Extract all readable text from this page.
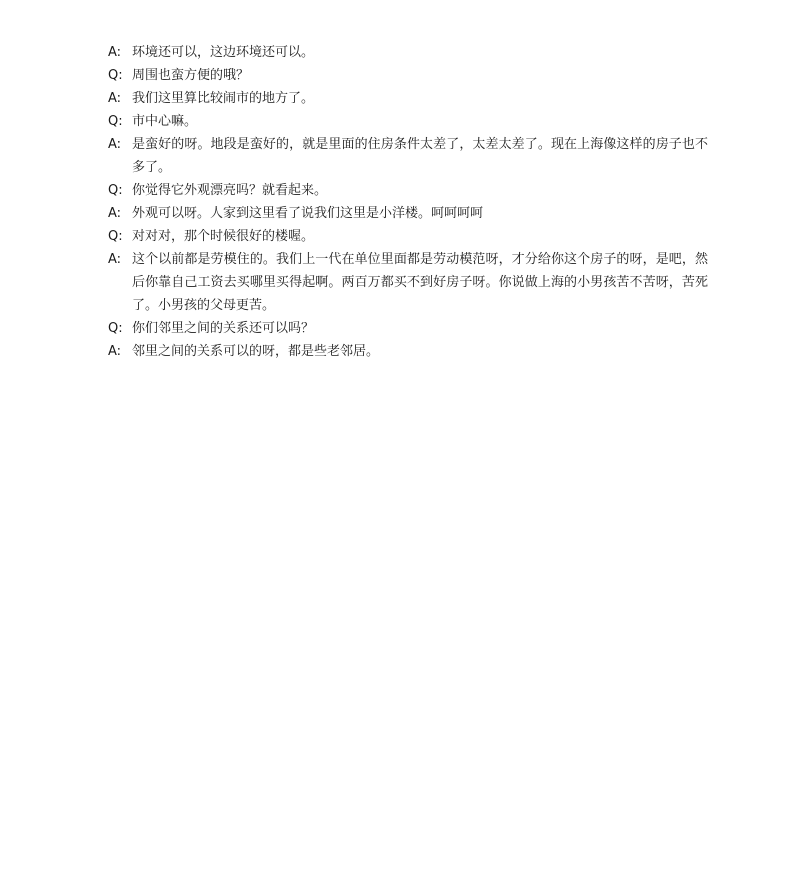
A: 环境还可以，这边环境还可以。
Q: 周围也蛮方便的哦？
A: 我们这里算比较闹市的地方了。
Q: 市中心嘛。
A: 是蛮好的呀。地段是蛮好的，就是里面的住房条件太差了，太差太差了。现在上海像这样的房子也不多了。
Q: 你觉得它外观漂亮吗？就看起来。
A: 外观可以呀。人家到这里看了说我们这里是小洋楼。呵呵呵呵
Q: 对对对，那个时候很好的楼喔。
A: 这个以前都是劳模住的。我们上一代在单位里面都是劳动模范呀，才分给你这个房子的呀，是吧，然后你靠自己工资去买哪里买得起啊。两百万都买不到好房子呀。你说做上海的小男孩苦不苦呀，苦死了。小男孩的父母更苦。
Q: 你们邻里之间的关系还可以吗？
A: 邻里之间的关系可以的呀，都是些老邻居。
